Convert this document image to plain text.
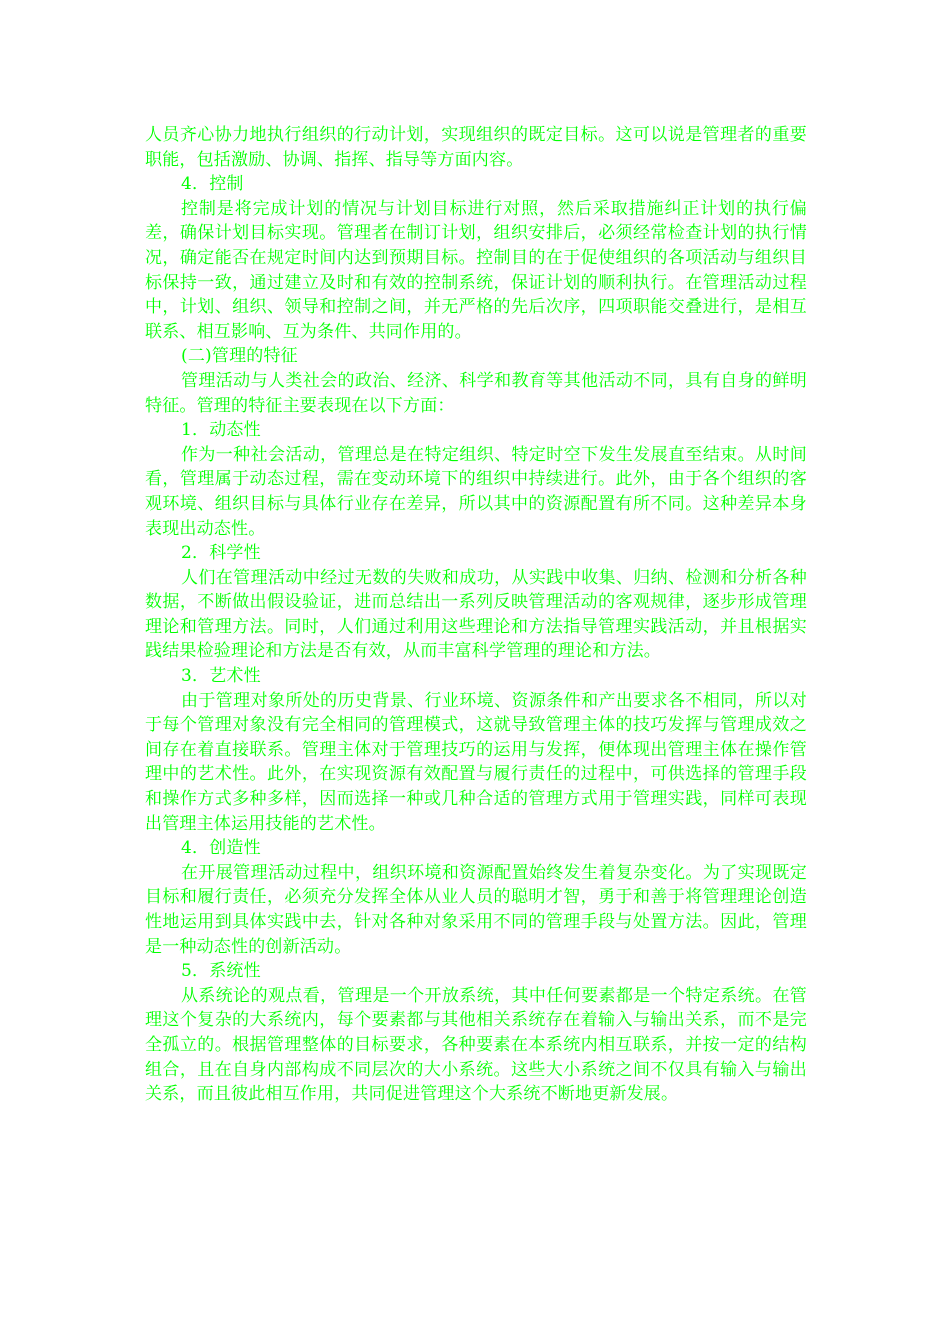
人员齐心协力地执行组织的行动计划，实现组织的既定目标。这可以说是管理者的重要职能，包括激励、协调、指挥、指导等方面内容。

4．控制

控制是将完成计划的情况与计划目标进行对照，然后采取措施纠正计划的执行偏差，确保计划目标实现。管理者在制订计划，组织安排后，必须经常检查计划的执行情况，确定能否在规定时间内达到预期目标。控制目的在于促使组织的各项活动与组织目标保持一致，通过建立及时和有效的控制系统，保证计划的顺利执行。在管理活动过程中，计划、组织、领导和控制之间，并无严格的先后次序，四项职能交叠进行，是相互联系、相互影响、互为条件、共同作用的。

(二)管理的特征

管理活动与人类社会的政治、经济、科学和教育等其他活动不同，具有自身的鲜明特征。管理的特征主要表现在以下方面：

1．动态性

作为一种社会活动，管理总是在特定组织、特定时空下发生发展直至结束。从时间看，管理属于动态过程，需在变动环境下的组织中持续进行。此外，由于各个组织的客观环境、组织目标与具体行业存在差异，所以其中的资源配置有所不同。这种差异本身表现出动态性。

2．科学性

人们在管理活动中经过无数的失败和成功，从实践中收集、归纳、检测和分析各种数据，不断做出假设验证，进而总结出一系列反映管理活动的客观规律，逐步形成管理理论和管理方法。同时，人们通过利用这些理论和方法指导管理实践活动，并且根据实践结果检验理论和方法是否有效，从而丰富科学管理的理论和方法。

3．艺术性

由于管理对象所处的历史背景、行业环境、资源条件和产出要求各不相同，所以对于每个管理对象没有完全相同的管理模式，这就导致管理主体的技巧发挥与管理成效之间存在着直接联系。管理主体对于管理技巧的运用与发挥，便体现出管理主体在操作管理中的艺术性。此外，在实现资源有效配置与履行责任的过程中，可供选择的管理手段和操作方式多种多样，因而选择一种或几种合适的管理方式用于管理实践，同样可表现出管理主体运用技能的艺术性。

4．创造性

在开展管理活动过程中，组织环境和资源配置始终发生着复杂变化。为了实现既定目标和履行责任，必须充分发挥全体从业人员的聪明才智，勇于和善于将管理理论创造性地运用到具体实践中去，针对各种对象采用不同的管理手段与处置方法。因此，管理是一种动态性的创新活动。

5．系统性

从系统论的观点看，管理是一个开放系统，其中任何要素都是一个特定系统。在管理这个复杂的大系统内，每个要素都与其他相关系统存在着输入与输出关系，而不是完全孤立的。根据管理整体的目标要求，各种要素在本系统内相互联系，并按一定的结构组合，且在自身内部构成不同层次的大小系统。这些大小系统之间不仅具有输入与输出关系，而且彼此相互作用，共同促进管理这个大系统不断地更新发展。
